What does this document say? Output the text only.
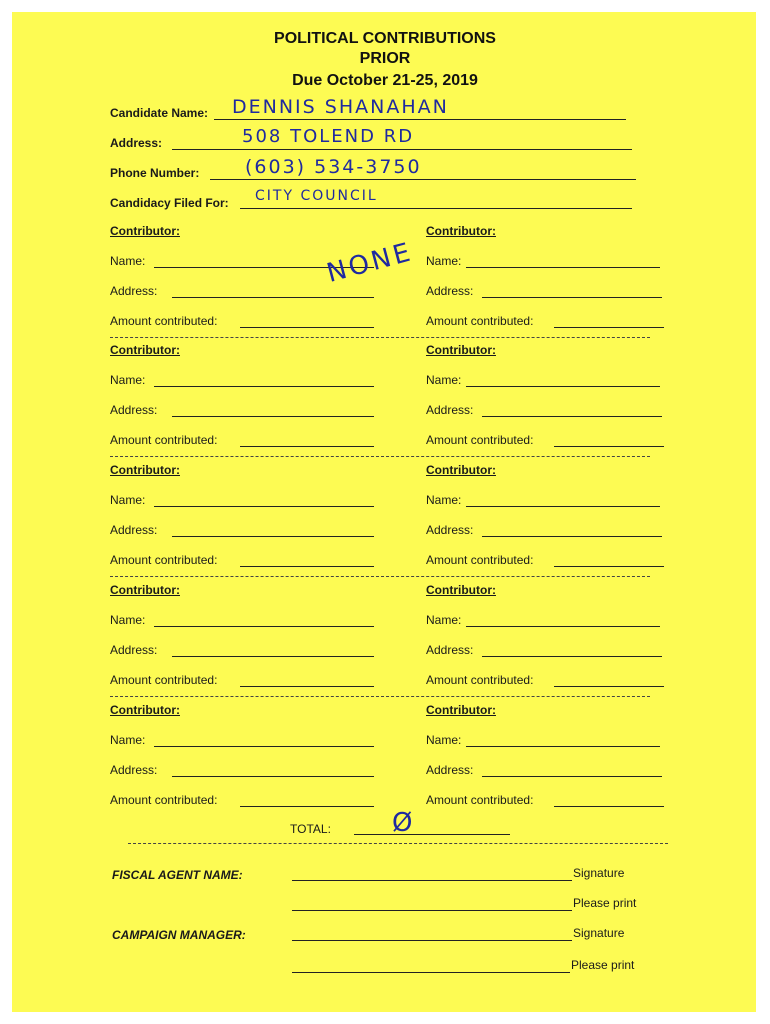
POLITICAL CONTRIBUTIONS
PRIOR
Due October 21-25, 2019
Candidate Name: DENNIS SHANAHAN
Address:	508 TOLEND RD
Phone Number: (603) 534-3750
Candidacy Filed For: CITY COUNCIL
Contributor:
Name:
Address:
Amount contributed:
Contributor:
Name:
Address:
Amount contributed:
Contributor:
Name:
Address:
Amount contributed:
Contributor:
Name:
Address:
Amount contributed:
Contributor:
Name:
Address:
Amount contributed:
Contributor:
Name:
Address:
Amount contributed:
Contributor:
Name:
Address:
Amount contributed:
Contributor:
Name:
Address:
Amount contributed:
Contributor:
Name:
Address:
Amount contributed:
Contributor:
Name:
Address:
Amount contributed:
NONE
TOTAL: Ø
FISCAL AGENT NAME:	Signature
Please print
CAMPAIGN MANAGER:	Signature
Please print
